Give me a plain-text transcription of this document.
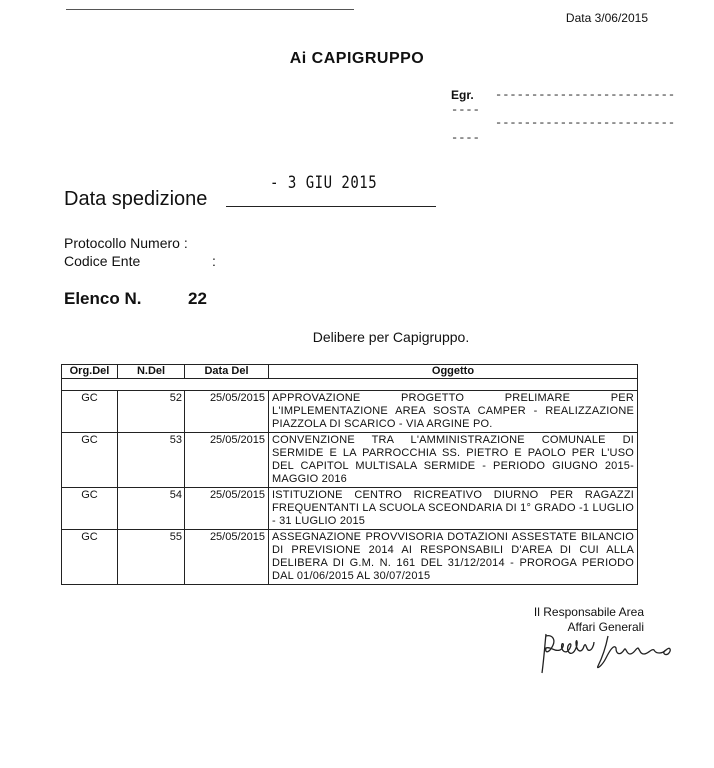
Data 3/06/2015
Ai CAPIGRUPPO
Egr. -------------------------
----
-------------------------
----
- 3 GIU 2015
Data spedizione
Protocollo Numero :
Codice Ente	:
Elenco N.	22
Delibere per Capigruppo.
Org.Del	N.Del	Data Del	Oggetto
GC	52	25/05/2015	APPROVAZIONE PROGETTO PRELIMARE PER L'IMPLEMENTAZIONE AREA SOSTA CAMPER - REALIZZAZIONE PIAZZOLA DI SCARICO - VIA ARGINE PO.
GC	53	25/05/2015	CONVENZIONE TRA L'AMMINISTRAZIONE COMUNALE DI SERMIDE E LA PARROCCHIA SS. PIETRO E PAOLO PER L'USO DEL CAPITOL MULTISALA SERMIDE - PERIODO GIUGNO 2015- MAGGIO 2016
GC	54	25/05/2015	ISTITUZIONE CENTRO RICREATIVO DIURNO PER RAGAZZI FREQUENTANTI LA SCUOLA SCEONDARIA DI 1° GRADO -1 LUGLIO - 31 LUGLIO 2015
GC	55	25/05/2015	ASSEGNAZIONE PROVVISORIA DOTAZIONI ASSESTATE BILANCIO DI PREVISIONE 2014 AI RESPONSABILI D'AREA DI CUI ALLA DELIBERA DI G.M. N. 161 DEL 31/12/2014 - PROROGA PERIODO DAL 01/06/2015 AL 30/07/2015
Il Responsabile Area
Affari Generali
